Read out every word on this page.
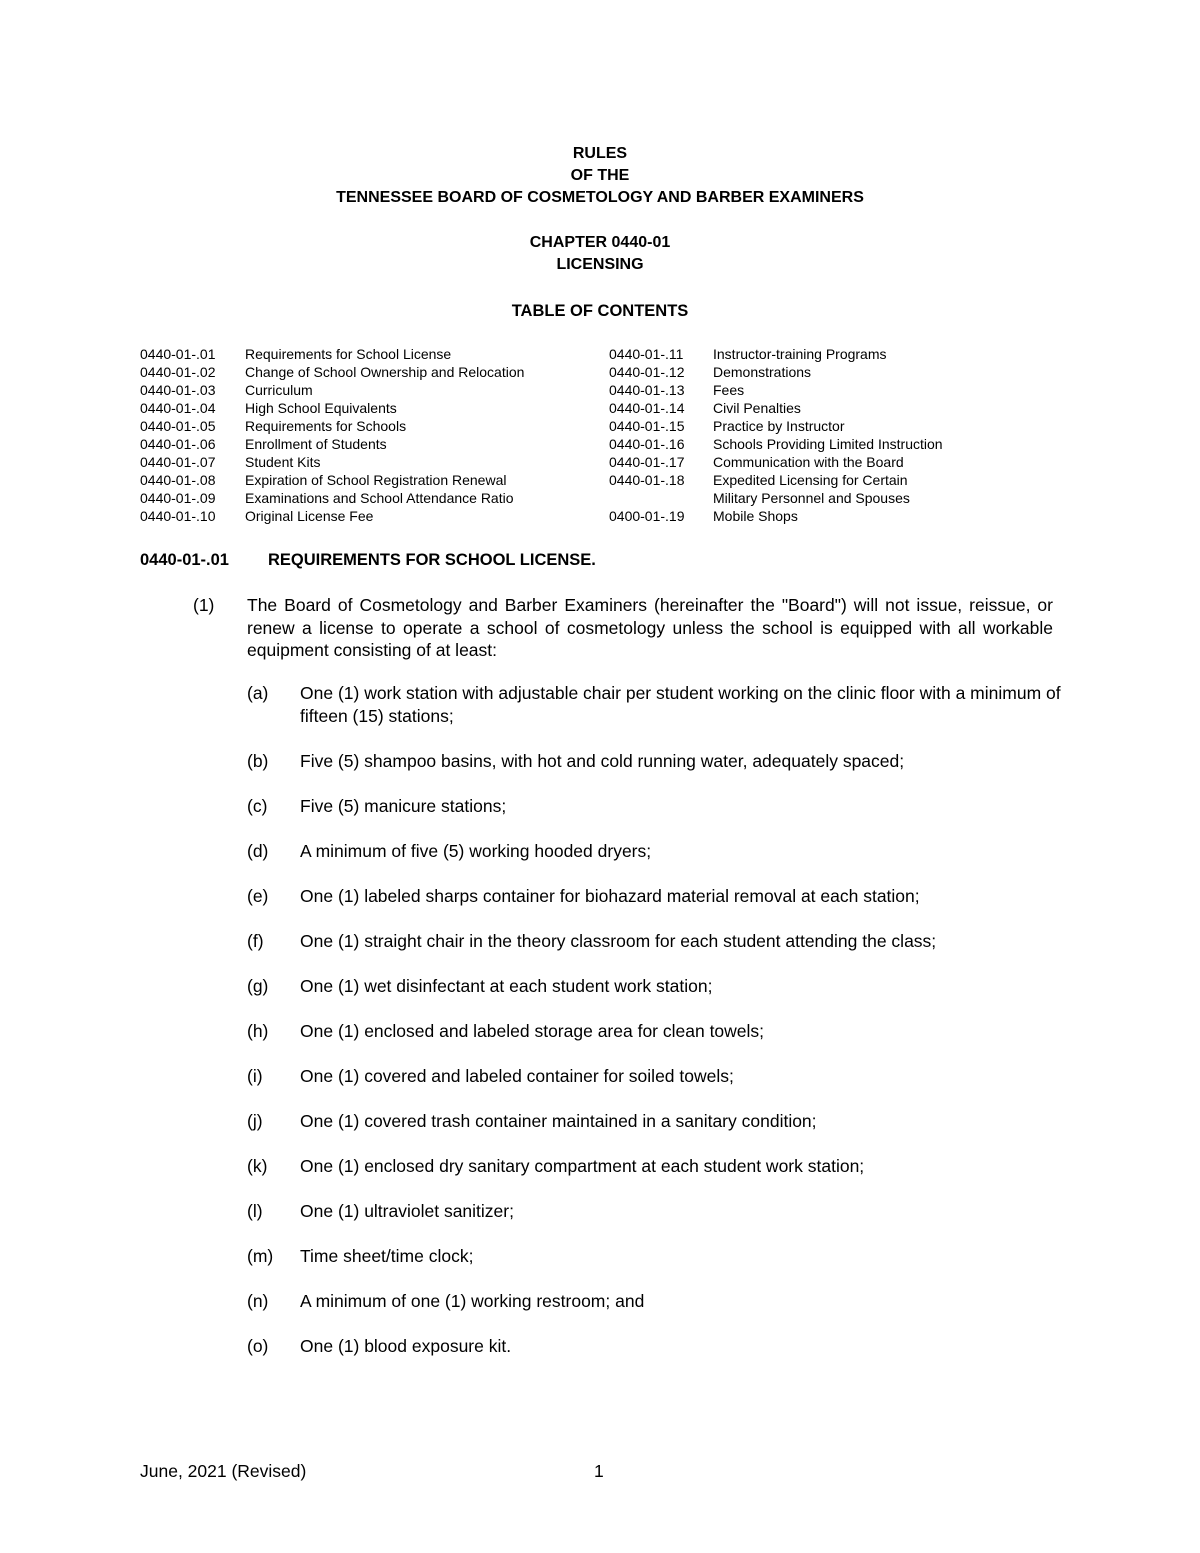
RULES
OF THE
TENNESSEE BOARD OF COSMETOLOGY AND BARBER EXAMINERS
CHAPTER 0440-01
LICENSING
TABLE OF CONTENTS
0440-01-.01	Requirements for School License
0440-01-.02	Change of School Ownership and Relocation
0440-01-.03	Curriculum
0440-01-.04	High School Equivalents
0440-01-.05	Requirements for Schools
0440-01-.06	Enrollment of Students
0440-01-.07	Student Kits
0440-01-.08	Expiration of School Registration Renewal
0440-01-.09	Examinations and School Attendance Ratio
0440-01-.10	Original License Fee
0440-01-.11	Instructor-training Programs
0440-01-.12	Demonstrations
0440-01-.13	Fees
0440-01-.14	Civil Penalties
0440-01-.15	Practice by Instructor
0440-01-.16	Schools Providing Limited Instruction
0440-01-.17	Communication with the Board
0440-01-.18	Expedited Licensing for Certain
Military Personnel and Spouses
0400-01-.19	Mobile Shops
0440-01-.01 REQUIREMENTS FOR SCHOOL LICENSE.
(1) The Board of Cosmetology and Barber Examiners (hereinafter the "Board") will not issue, reissue, or renew a license to operate a school of cosmetology unless the school is equipped with all workable equipment consisting of at least:
(a)	One (1) work station with adjustable chair per student working on the clinic floor with a minimum of fifteen (15) stations;
(b)	Five (5) shampoo basins, with hot and cold running water, adequately spaced;
(c)	Five (5) manicure stations;
(d)	A minimum of five (5) working hooded dryers;
(e)	One (1) labeled sharps container for biohazard material removal at each station;
(f)	One (1) straight chair in the theory classroom for each student attending the class;
(g)	One (1) wet disinfectant at each student work station;
(h)	One (1) enclosed and labeled storage area for clean towels;
(i)	One (1) covered and labeled container for soiled towels;
(j)	One (1) covered trash container maintained in a sanitary condition;
(k)	One (1) enclosed dry sanitary compartment at each student work station;
(l)	One (1) ultraviolet sanitizer;
(m)	Time sheet/time clock;
(n)	A minimum of one (1) working restroom; and
(o)	One (1) blood exposure kit.
June, 2021 (Revised)	1
